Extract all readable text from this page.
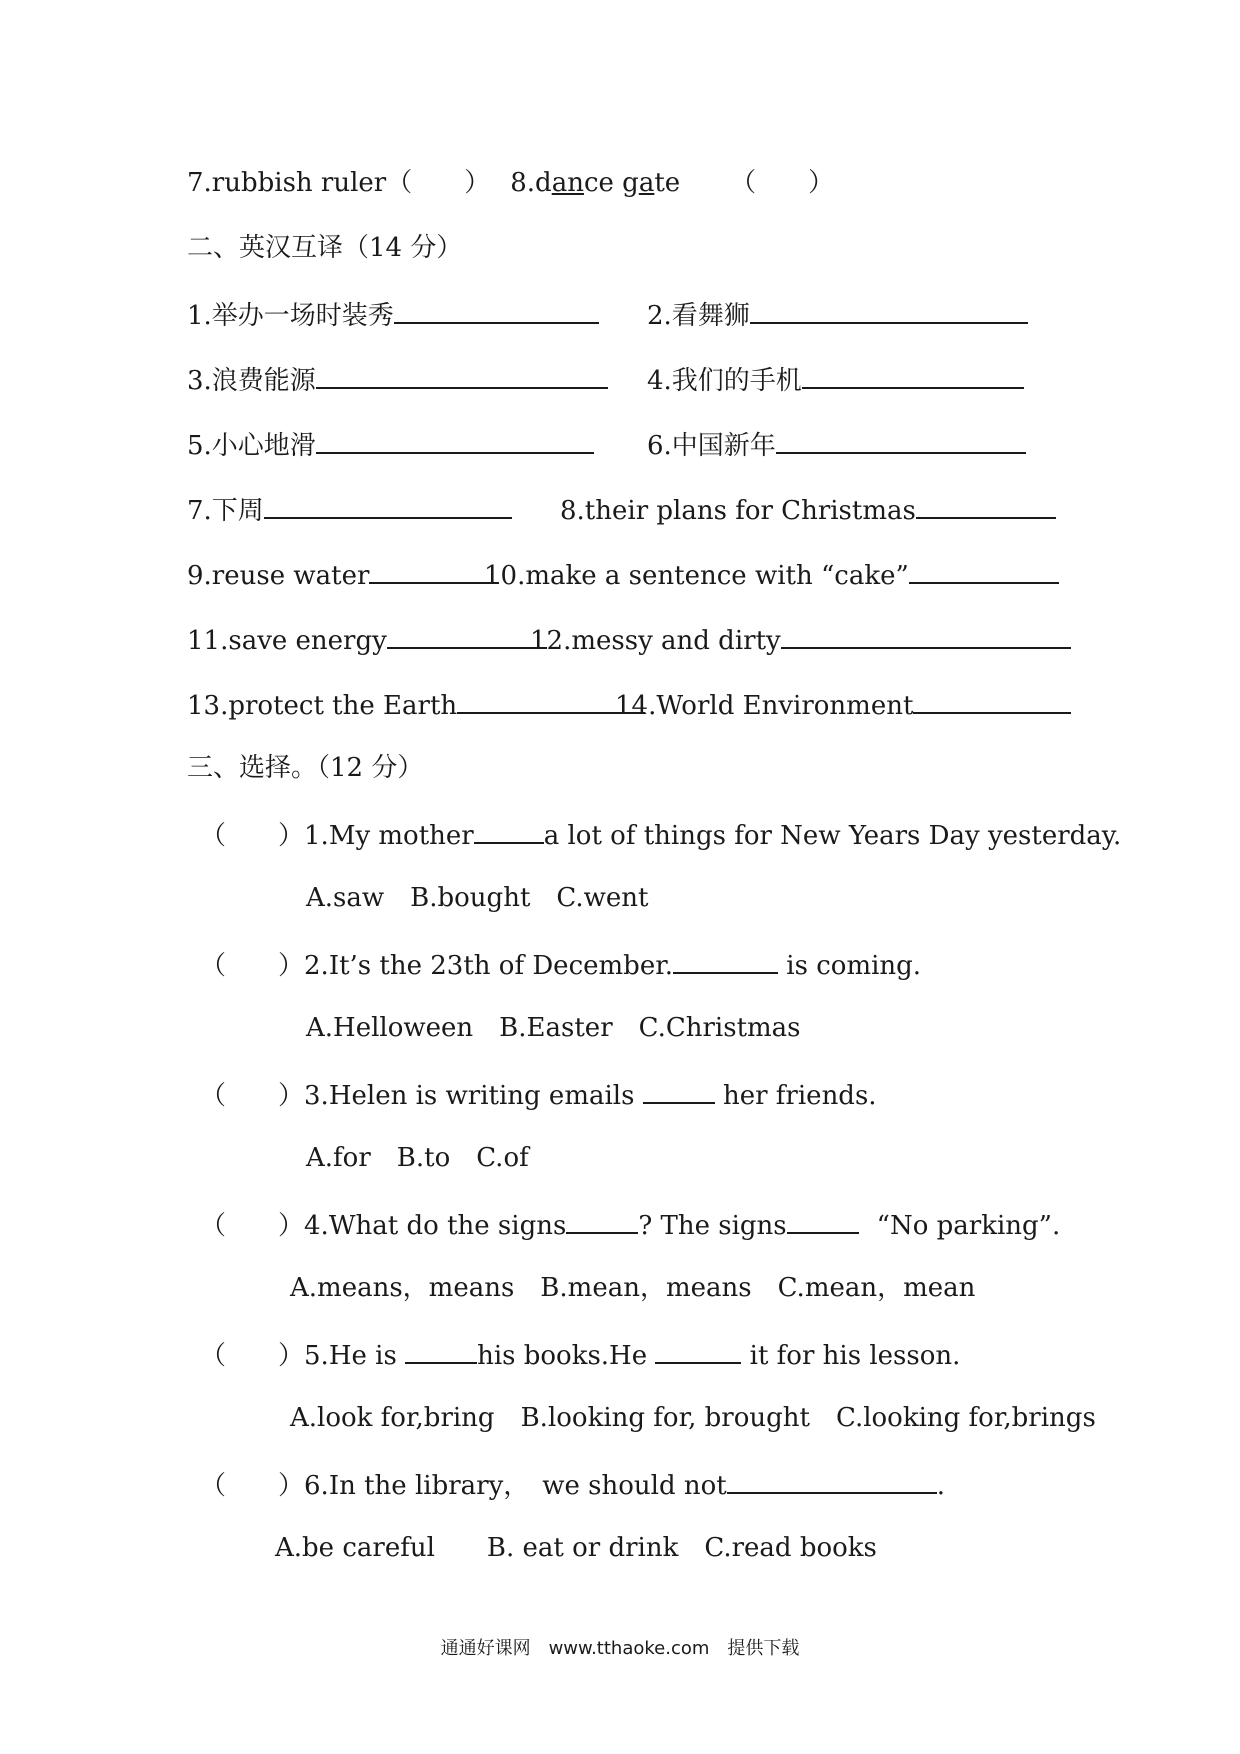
7.rubbish ruler（　　） 8.dance gate （　　）
二、英汉互译（14 分）
1.举办一场时装秀	2.看舞狮
3.浪费能源	4.我们的手机
5.小心地滑	6.中国新年
7.下周	8.their plans for Christmas
9.reuse water	10.make a sentence with “cake”
11.save energy	12.messy and dirty
13.protect the Earth	14.World Environment
三、选择。（12 分）
（　　）1.My mother	a lot of things for New Years Day yesterday.
A.saw　B.bought　C.went
（　　）2.It’s the 23th of December.	is coming.
A.Helloween　B.Easter　C.Christmas
（　　）3.Helen is writing emails	her friends.
A.for　B.to　C.of
（　　）4.What do the signs	? The signs	“No parking”.
A.means，means　B.mean，means　C.mean，mean
（　　）5.He is	his books.He	it for his lesson.
A.look for,bring　B.looking for, brought　C.looking for,brings
（　　）6.In the library，　we should not	.
A.be careful　　B. eat or drink　C.read books
通通好课网　www.tthaoke.com　提供下载
